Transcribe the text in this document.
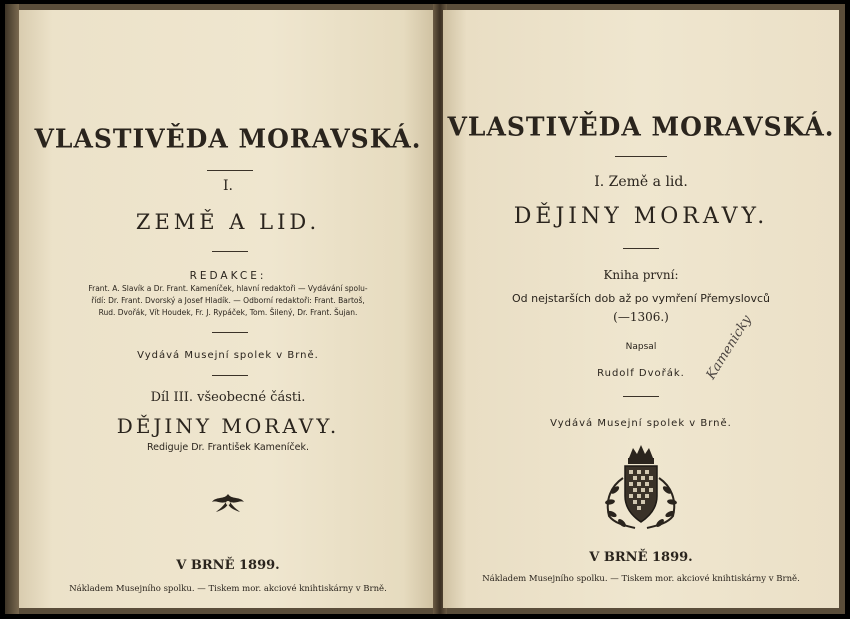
VLASTIVĚDA MORAVSKÁ.
I.
ZEMĚ A LID.
REDAKCE:
Frant. A. Slavík a Dr. Frant. Kameníček, hlavní redaktoři — Vydávání spolu-
řídí: Dr. Frant. Dvorský a Josef Hladík. — Odborní redaktoři: Frant. Bartoš,
Rud. Dvořák, Vít Houdek, Fr. J. Rypáček, Tom. Šilený, Dr. Frant. Šujan.
Vydává Musejní spolek v Brně.
Díl III. všeobecné části.
DĚJINY MORAVY.
Rediguje Dr. František Kameníček.
V BRNĚ 1899.
Nákladem Musejního spolku. — Tiskem mor. akciové knihtiskárny v Brně.
VLASTIVĚDA MORAVSKÁ.
I. Země a lid.
DĚJINY MORAVY.
Kniha první:
Od nejstarších dob až po vymření Přemyslovců
(—1306.)
Napsal
Rudolf Dvořák.	Kamenicky
Vydává Musejní spolek v Brně.
V BRNĚ 1899.
Nákladem Musejního spolku. — Tiskem mor. akciové knihtiskárny v Brně.
